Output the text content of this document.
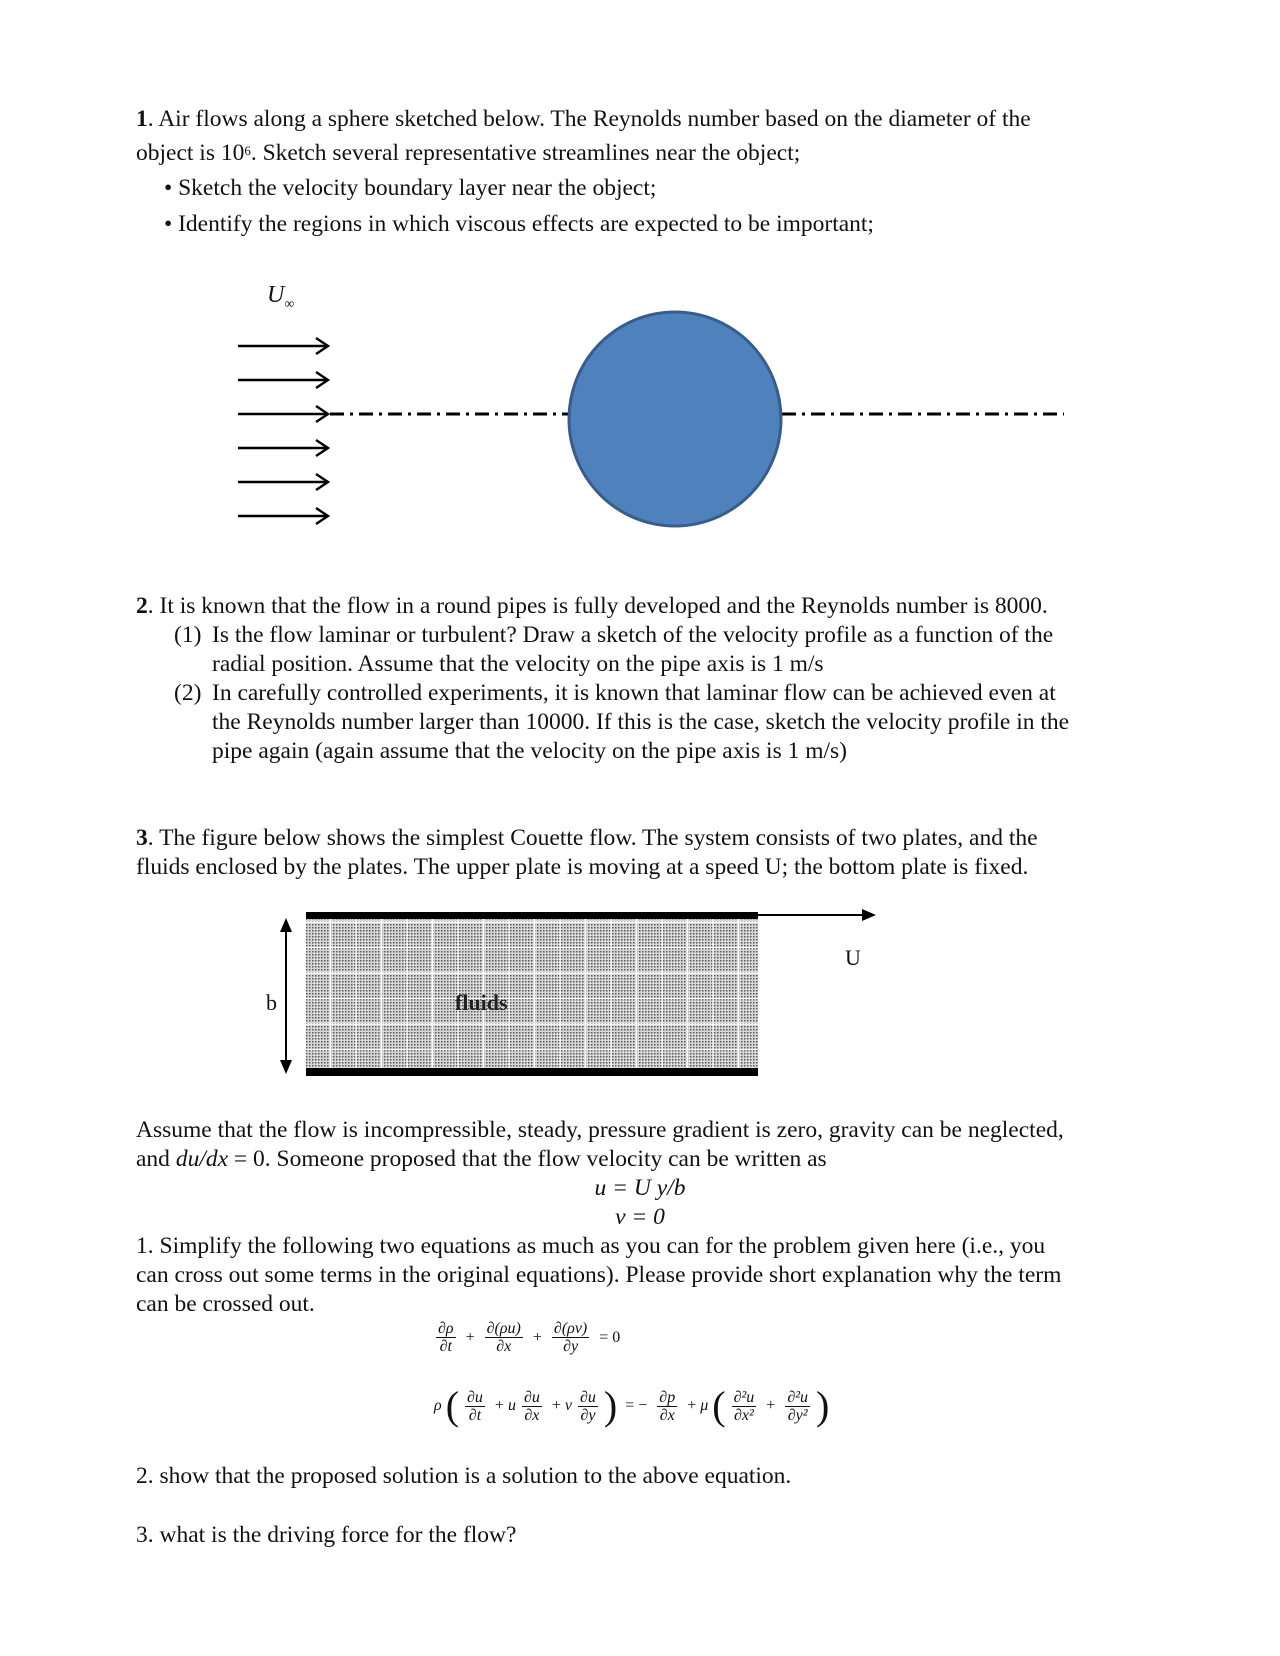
1. Air flows along a sphere sketched below. The Reynolds number based on the diameter of the
object is $10^6$. Sketch several representative streamlines near the object;
• Sketch the velocity boundary layer near the object;
• Identify the regions in which viscous effects are expected to be important;
$U_\infty$
2. It is known that the flow in a round pipes is fully developed and the Reynolds number is 8000.
(1) Is the flow laminar or turbulent? Draw a sketch of the velocity profile as a function of the
radial position. Assume that the velocity on the pipe axis is 1 m/s
(2) In carefully controlled experiments, it is known that laminar flow can be achieved even at
the Reynolds number larger than 10000. If this is the case, sketch the velocity profile in the
pipe again (again assume that the velocity on the pipe axis is 1 m/s)
3. The figure below shows the simplest Couette flow. The system consists of two plates, and the
fluids enclosed by the plates. The upper plate is moving at a speed U; the bottom plate is fixed.
fluids
b
U
Assume that the flow is incompressible, steady, pressure gradient is zero, gravity can be neglected,
and du/dx = 0. Someone proposed that the flow velocity can be written as
u = U y/b
v = 0
1. Simplify the following two equations as much as you can for the problem given here (i.e., you
can cross out some terms in the original equations). Please provide short explanation why the term
can be crossed out.
$\frac{\partial\rho}{\partial t} + \frac{\partial(\rho u)}{\partial x} + \frac{\partial(\rho v)}{\partial y} = 0$
ρ ( $\frac{\partial u}{\partial t} + u \frac{\partial u}{\partial x} + v \frac{\partial u}{\partial y}$ ) = − $\frac{\partial p}{\partial x} + \mu$ ( $\frac{\text{∂²u}}{\text{∂x²}} + \frac{\text{∂²u}}{\text{∂y²}}$ )
2. show that the proposed solution is a solution to the above equation.
3. what is the driving force for the flow?
